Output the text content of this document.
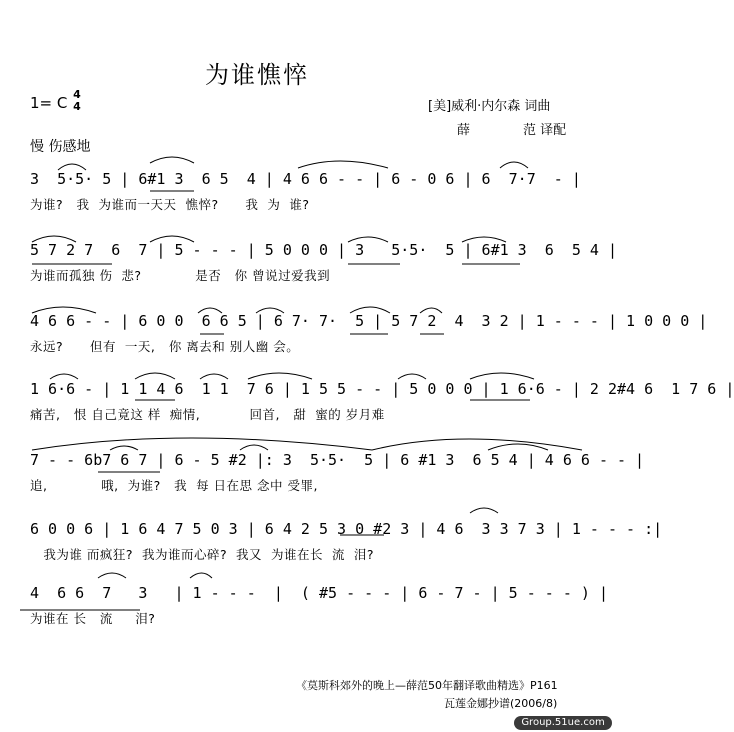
为谁憔悴
1= C 4
4	[美]威利·内尔森 词曲
薛	范 译配
慢 伤感地
3  5·5· 5 | 6#1 3  6 5  4 | 4 6 6 - - | 6 - 0 6 | 6  7·7  - |
为谁?   我  为谁而一天天  憔悴?      我  为  谁?
5 7 2 7  6  7 | 5 - - - | 5 0 0 0 | 3   5·5·  5 | 6#1 3  6  5 4 |
为谁而孤独 伤  悲?            是否   你 曾说过爱我到
4 6 6 - - | 6 0 0  6 6 5 | 6 7· 7·  5 | 5 7 2  4  3 2 | 1 - - - | 1 0 0 0 |
永远?      但有  一天,   你 离去和 别人幽 会。
1 6·6 - | 1 1 4 6  1 1  7 6 | 1 5 5 - - | 5 0 0 0 | 1 6·6 - | 2 2#4 6  1 7 6 |
痛苦,   恨 自己竟这 样  痴情,           回首,   甜  蜜的 岁月难
7 - - 6b7 6 7 | 6 - 5 #2 |: 3  5·5·  5 | 6 #1 3  6 5 4 | 4 6 6 - - |
追,            哦,  为谁?   我  每 日在思 念中 受罪,
6 0 0 6 | 1 6 4 7 5 0 3 | 6 4 2 5 3 0 #2 3 | 4 6  3 3 7 3 | 1 - - - :|
我为谁 而疯狂?  我为谁而心碎?  我又  为谁在长  流  泪?
4  6 6  7   3   | 1 - - -  |  ( #5 - - - | 6 - 7 - | 5 - - - ) |
为谁在 长   流     泪?
《莫斯科郊外的晚上—薛范50年翻译歌曲精选》P161
瓦莲金娜抄谱(2006/8)
Group.51ue.com
